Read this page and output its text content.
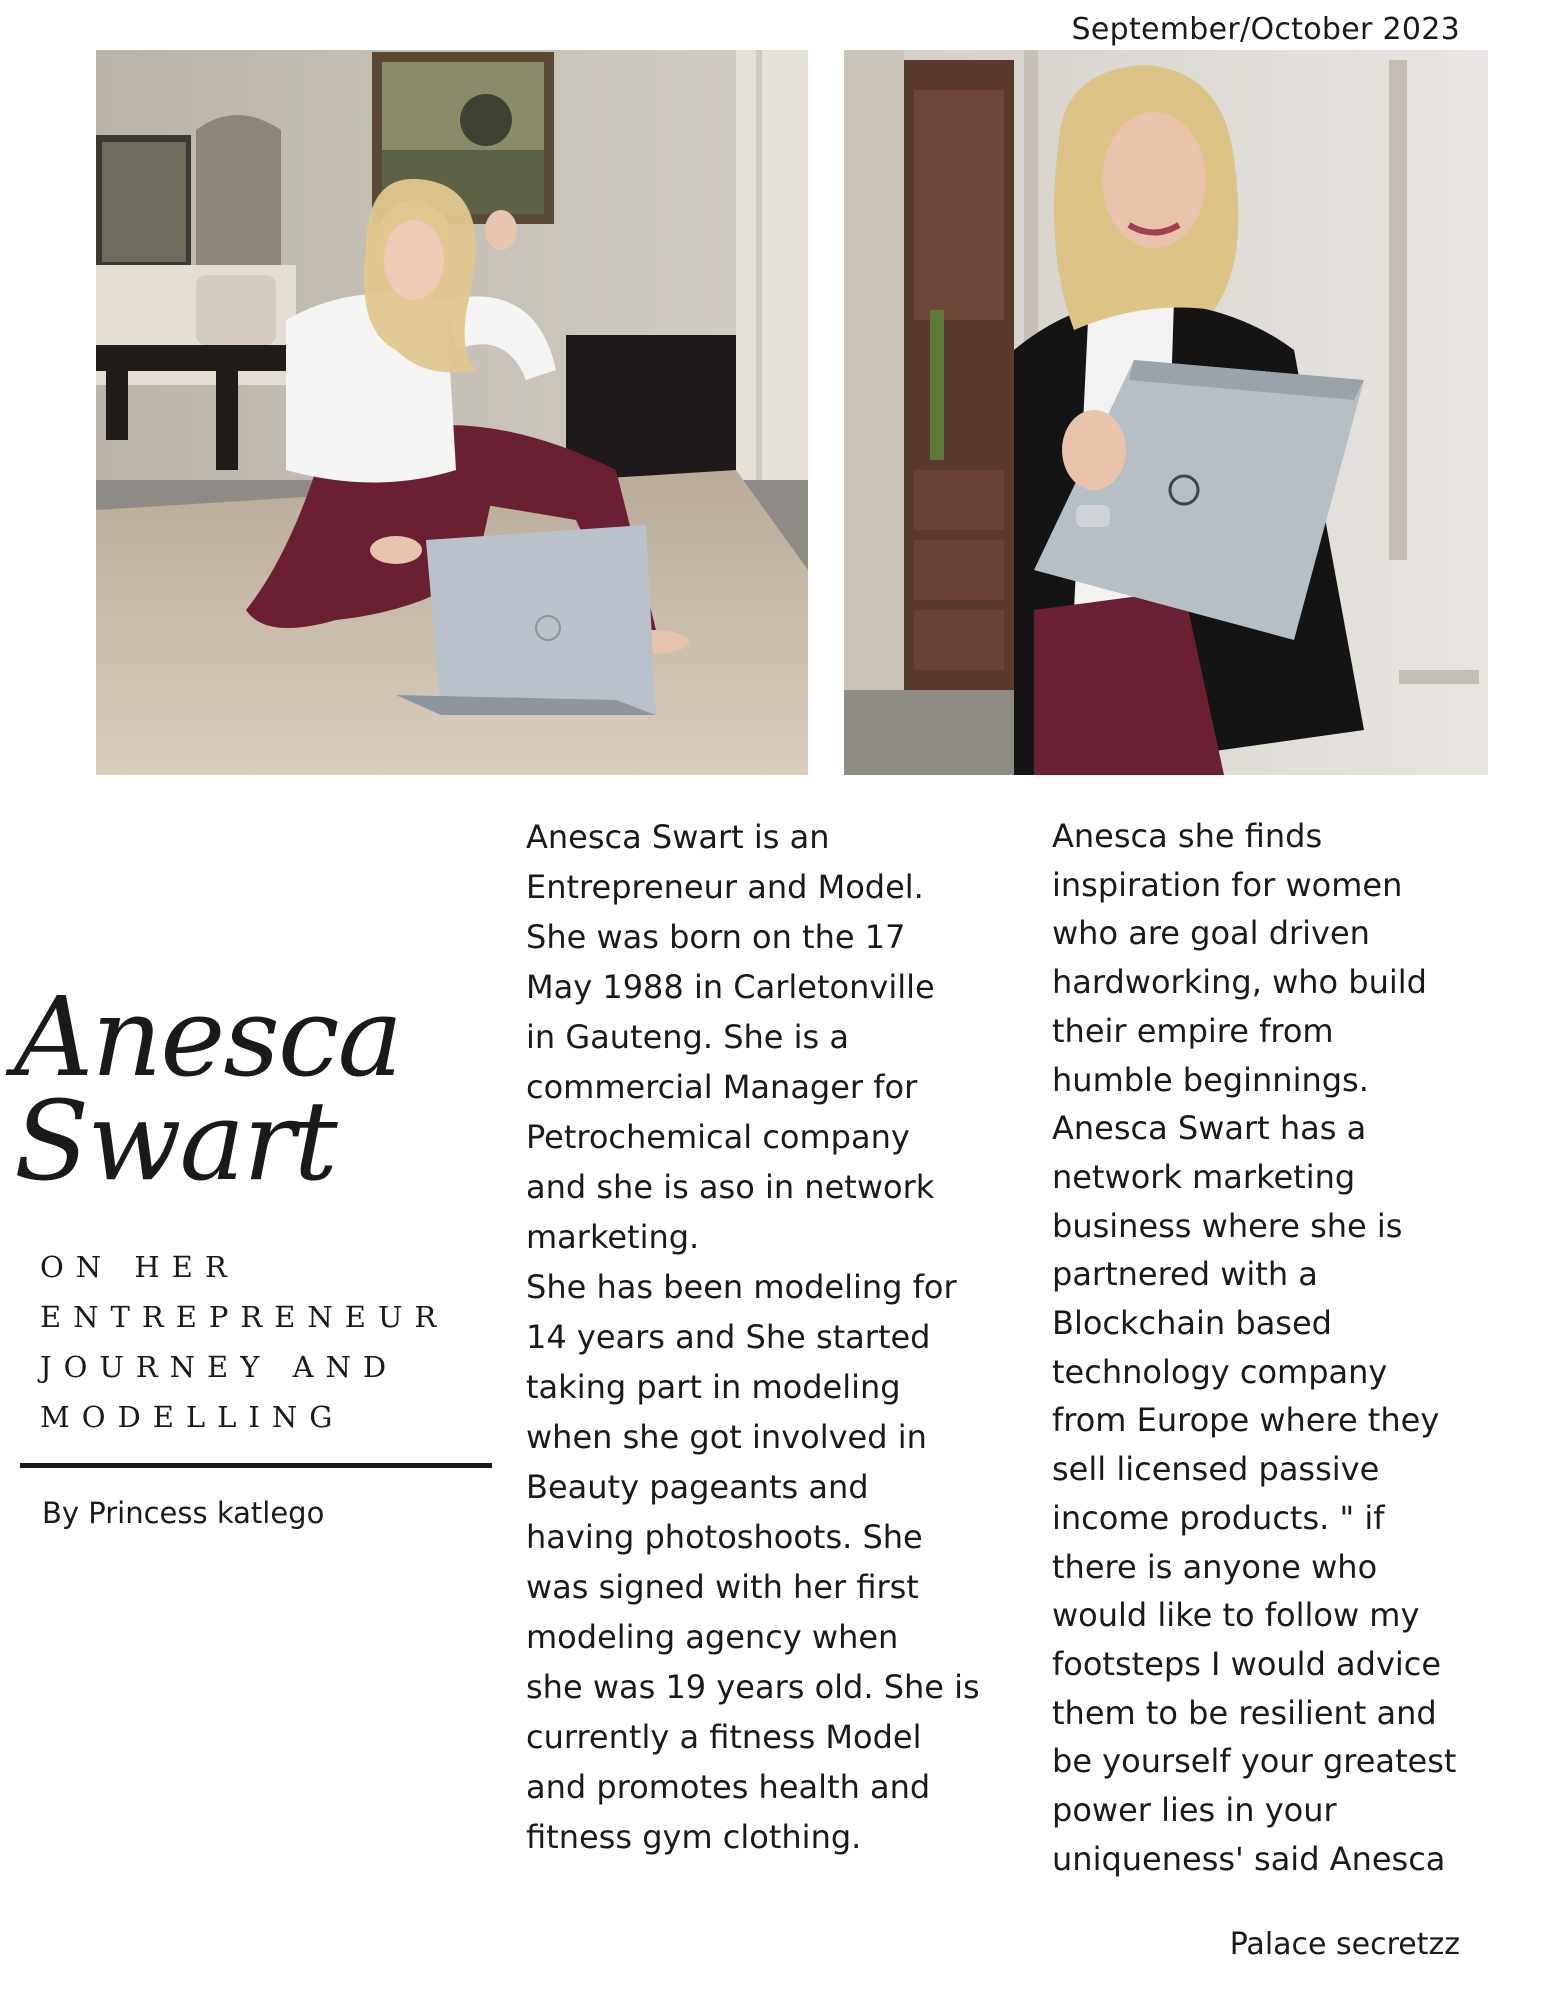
September/October 2023
Anesca
Swart
ON HER ENTREPRENEUR JOURNEY AND MODELLING
By Princess katlego
Anesca Swart is an
Entrepreneur and Model.
She was born on the 17
May 1988 in Carletonville
in Gauteng. She is a
commercial Manager for
Petrochemical company
and she is aso in network
marketing.
She has been modeling for
14 years and She started
taking part in modeling
when she got involved in
Beauty pageants and
having photoshoots. She
was signed with her first
modeling agency when
she was 19 years old. She is
currently a fitness Model
and promotes health and
fitness gym clothing.
Anesca she finds
inspiration for women
who are goal driven
hardworking, who build
their empire from
humble beginnings.
Anesca Swart has a
network marketing
business where she is
partnered with a
Blockchain based
technology company
from Europe where they
sell licensed passive
income products. " if
there is anyone who
would like to follow my
footsteps I would advice
them to be resilient and
be yourself your greatest
power lies in your
uniqueness' said Anesca
Palace secretzz
